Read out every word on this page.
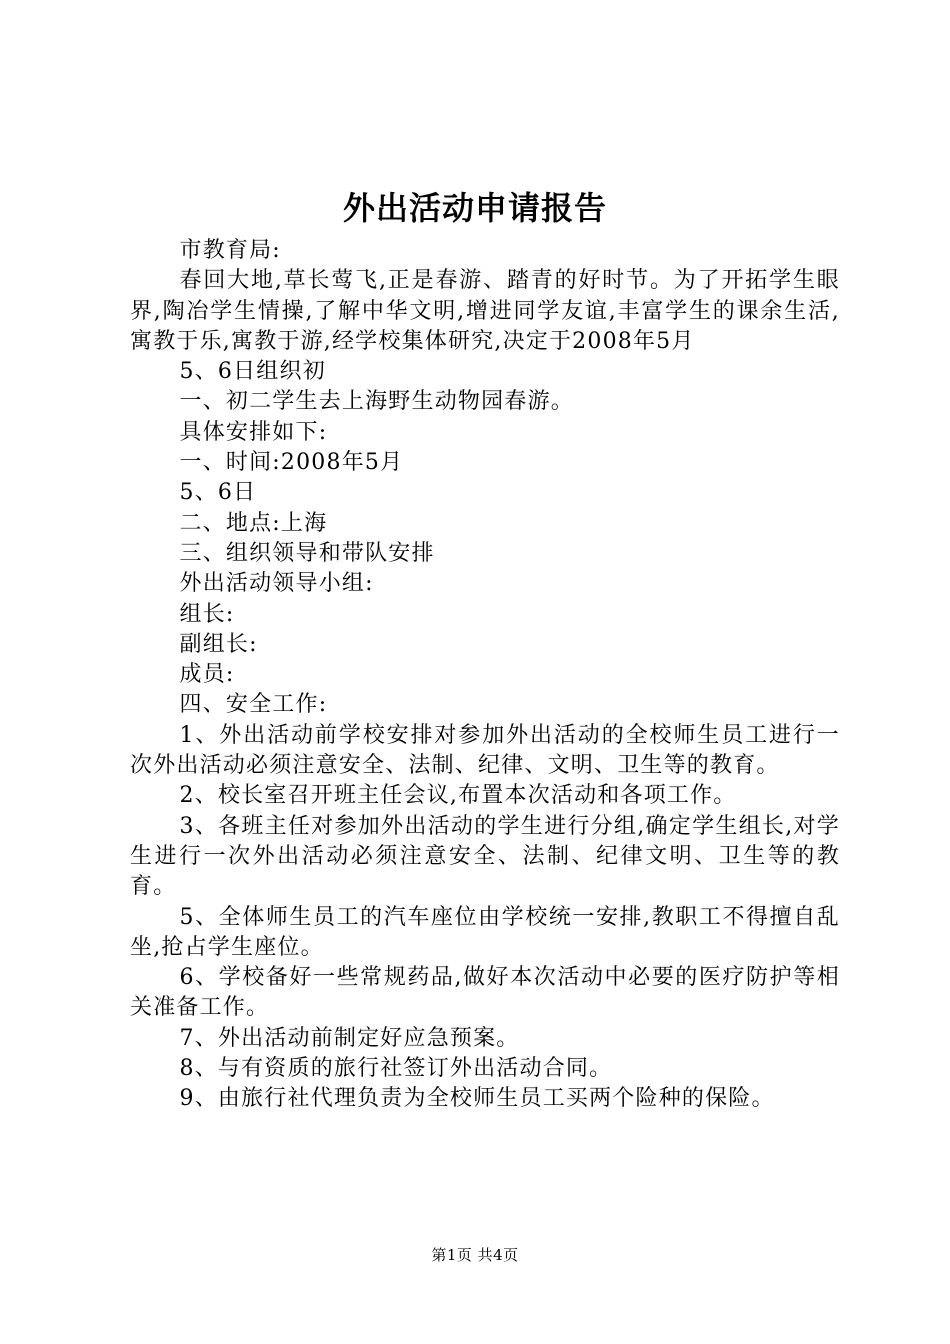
外出活动申请报告

市教育局:

春回大地,草长莺飞,正是春游、踏青的好时节。为了开拓学生眼界,陶冶学生情操,了解中华文明,增进同学友谊,丰富学生的课余生活,寓教于乐,寓教于游,经学校集体研究,决定于2008年5月

5、6日组织初

一、初二学生去上海野生动物园春游。

具体安排如下:

一、时间:2008年5月

5、6日

二、地点:上海

三、组织领导和带队安排

外出活动领导小组:

组长:

副组长:

成员:

四、安全工作:

1、外出活动前学校安排对参加外出活动的全校师生员工进行一次外出活动必须注意安全、法制、纪律、文明、卫生等的教育。

2、校长室召开班主任会议,布置本次活动和各项工作。

3、各班主任对参加外出活动的学生进行分组,确定学生组长,对学生进行一次外出活动必须注意安全、法制、纪律文明、卫生等的教育。

5、全体师生员工的汽车座位由学校统一安排,教职工不得擅自乱坐,抢占学生座位。

6、学校备好一些常规药品,做好本次活动中必要的医疗防护等相关准备工作。

7、外出活动前制定好应急预案。

8、与有资质的旅行社签订外出活动合同。

9、由旅行社代理负责为全校师生员工买两个险种的保险。

第1页 共4页
